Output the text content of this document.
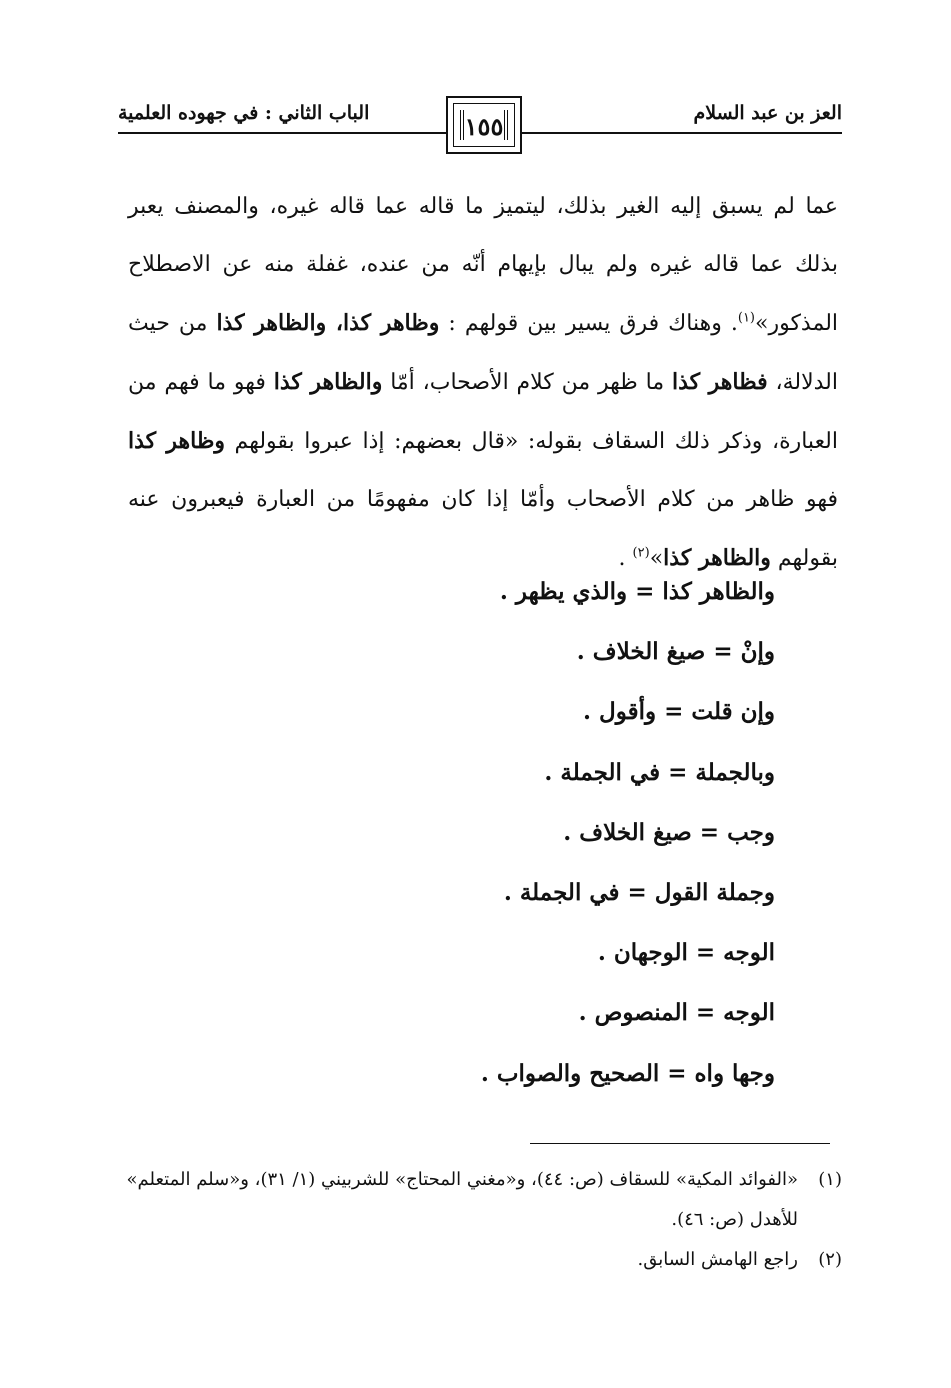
العز بن عبد السلام
الباب الثاني : في جهوده العلمية	١٥٥
عما لم يسبق إليه الغير بذلك، ليتميز ما قاله عما قاله غيره، والمصنف يعبر بذلك عما قاله غيره ولم يبال بإيهام أنّه من عنده، غفلة منه عن الاصطلاح المذكور»$^{(١)}$. وهناك فرق يسير بين قولهم : وظاهر كذا، والظاهر كذا من حيث الدلالة، فظاهر كذا ما ظهر من كلام الأصحاب، أمّا والظاهر كذا فهو ما فهم من العبارة، وذكر ذلك السقاف بقوله: «قال بعضهم: إذا عبروا بقولهم وظاهر كذا فهو ظاهر من كلام الأصحاب وأمّا إذا كان مفهومًا من العبارة فيعبرون عنه بقولهم والظاهر كذا»$^{(٢)}$ .
والظاهر كذا = والذي يظهر .
وإنْ = صيغ الخلاف .
وإن قلت = وأقول .
وبالجملة = في الجملة .
وجب = صيغ الخلاف .
وجملة القول = في الجملة .
الوجه = الوجهان .
الوجه = المنصوص .
وجها واه = الصحيح والصواب .
(١)
«الفوائد المكية» للسقاف (ص: ٤٤)، و«مغني المحتاج» للشربيني (١/ ٣١)، و«سلم المتعلم» للأهدل (ص: ٤٦).
(٢)
راجع الهامش السابق.
